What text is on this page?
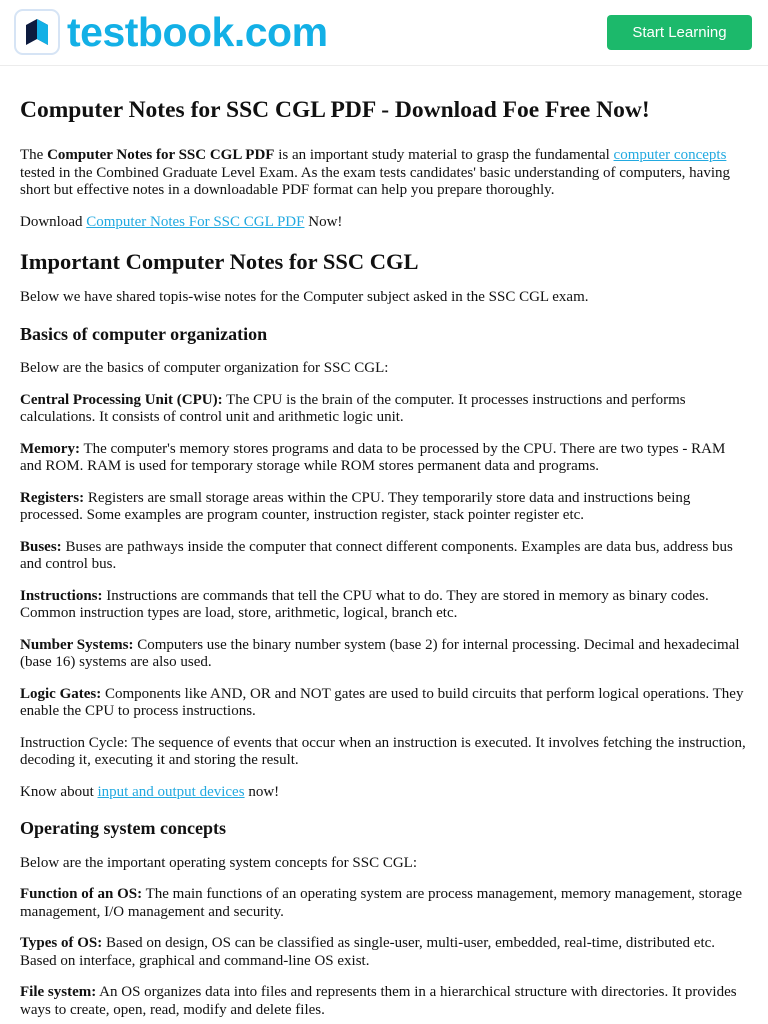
testbook.com	Start Learning
Computer Notes for SSC CGL PDF - Download Foe Free Now!

The Computer Notes for SSC CGL PDF is an important study material to grasp the fundamental computer concepts tested in the Combined Graduate Level Exam. As the exam tests candidates' basic understanding of computers, having short but effective notes in a downloadable PDF format can help you prepare thoroughly.

Download Computer Notes For SSC CGL PDF Now!

Important Computer Notes for SSC CGL

Below we have shared topis-wise notes for the Computer subject asked in the SSC CGL exam.

Basics of computer organization

Below are the basics of computer organization for SSC CGL:

Central Processing Unit (CPU): The CPU is the brain of the computer. It processes instructions and performs calculations. It consists of control unit and arithmetic logic unit.

Memory: The computer's memory stores programs and data to be processed by the CPU. There are two types - RAM and ROM. RAM is used for temporary storage while ROM stores permanent data and programs.

Registers: Registers are small storage areas within the CPU. They temporarily store data and instructions being processed. Some examples are program counter, instruction register, stack pointer register etc.

Buses: Buses are pathways inside the computer that connect different components. Examples are data bus, address bus and control bus.

Instructions: Instructions are commands that tell the CPU what to do. They are stored in memory as binary codes. Common instruction types are load, store, arithmetic, logical, branch etc.

Number Systems: Computers use the binary number system (base 2) for internal processing. Decimal and hexadecimal (base 16) systems are also used.

Logic Gates: Components like AND, OR and NOT gates are used to build circuits that perform logical operations. They enable the CPU to process instructions.

Instruction Cycle: The sequence of events that occur when an instruction is executed. It involves fetching the instruction, decoding it, executing it and storing the result.

Know about input and output devices now!

Operating system concepts

Below are the important operating system concepts for SSC CGL:

Function of an OS: The main functions of an operating system are process management, memory management, storage management, I/O management and security.

Types of OS: Based on design, OS can be classified as single-user, multi-user, embedded, real-time, distributed etc. Based on interface, graphical and command-line OS exist.

File system: An OS organizes data into files and represents them in a hierarchical structure with directories. It provides ways to create, open, read, modify and delete files.
